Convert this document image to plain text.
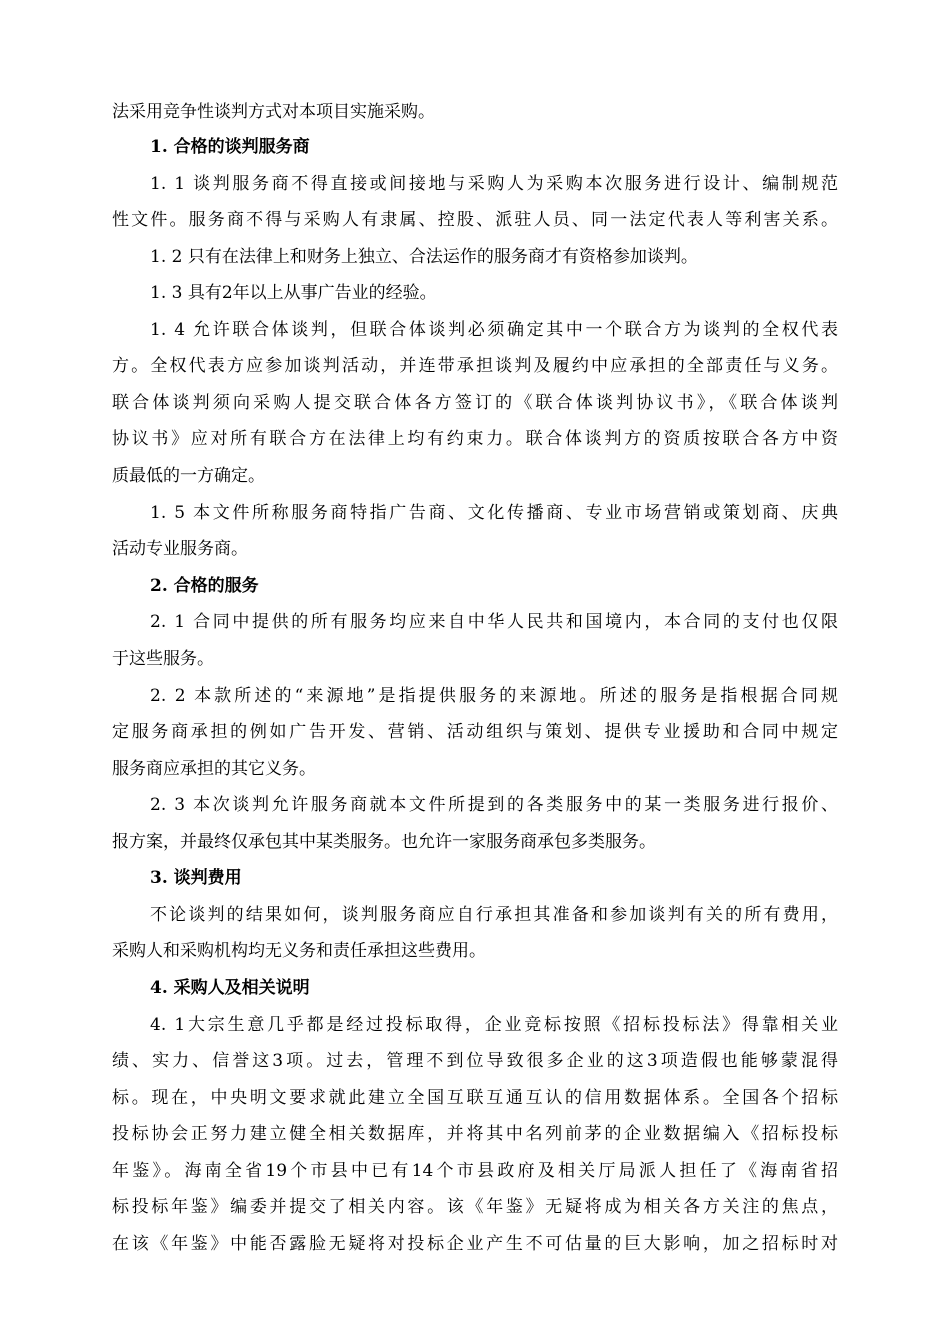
法采用竞争性谈判方式对本项目实施采购。
1. 合格的谈判服务商
1. 1 谈判服务商不得直接或间接地与采购人为采购本次服务进行设计、编制规范
性文件。服务商不得与采购人有隶属、控股、派驻人员、同一法定代表人等利害关系。
1. 2 只有在法律上和财务上独立、合法运作的服务商才有资格参加谈判。
1. 3 具有2年以上从事广告业的经验。
1. 4 允许联合体谈判，但联合体谈判必须确定其中一个联合方为谈判的全权代表
方。全权代表方应参加谈判活动，并连带承担谈判及履约中应承担的全部责任与义务。
联合体谈判须向采购人提交联合体各方签订的《联合体谈判协议书》，《联合体谈判
协议书》应对所有联合方在法律上均有约束力。联合体谈判方的资质按联合各方中资
质最低的一方确定。
1. 5 本文件所称服务商特指广告商、文化传播商、专业市场营销或策划商、庆典
活动专业服务商。
2. 合格的服务
2. 1 合同中提供的所有服务均应来自中华人民共和国境内，本合同的支付也仅限
于这些服务。
2. 2 本款所述的“来源地”是指提供服务的来源地。所述的服务是指根据合同规
定服务商承担的例如广告开发、营销、活动组织与策划、提供专业援助和合同中规定
服务商应承担的其它义务。
2. 3 本次谈判允许服务商就本文件所提到的各类服务中的某一类服务进行报价、
报方案，并最终仅承包其中某类服务。也允许一家服务商承包多类服务。
3. 谈判费用
不论谈判的结果如何，谈判服务商应自行承担其准备和参加谈判有关的所有费用，
采购人和采购机构均无义务和责任承担这些费用。
4. 采购人及相关说明
4. 1大宗生意几乎都是经过投标取得，企业竞标按照《招标投标法》得靠相关业
绩、实力、信誉这3项。过去，管理不到位导致很多企业的这3项造假也能够蒙混得
标。现在，中央明文要求就此建立全国互联互通互认的信用数据体系。全国各个招标
投标协会正努力建立健全相关数据库，并将其中名列前茅的企业数据编入《招标投标
年鉴》。海南全省19个市县中已有14个市县政府及相关厅局派人担任了《海南省招
标投标年鉴》编委并提交了相关内容。该《年鉴》无疑将成为相关各方关注的焦点，
在该《年鉴》中能否露脸无疑将对投标企业产生不可估量的巨大影响，加之招标时对
